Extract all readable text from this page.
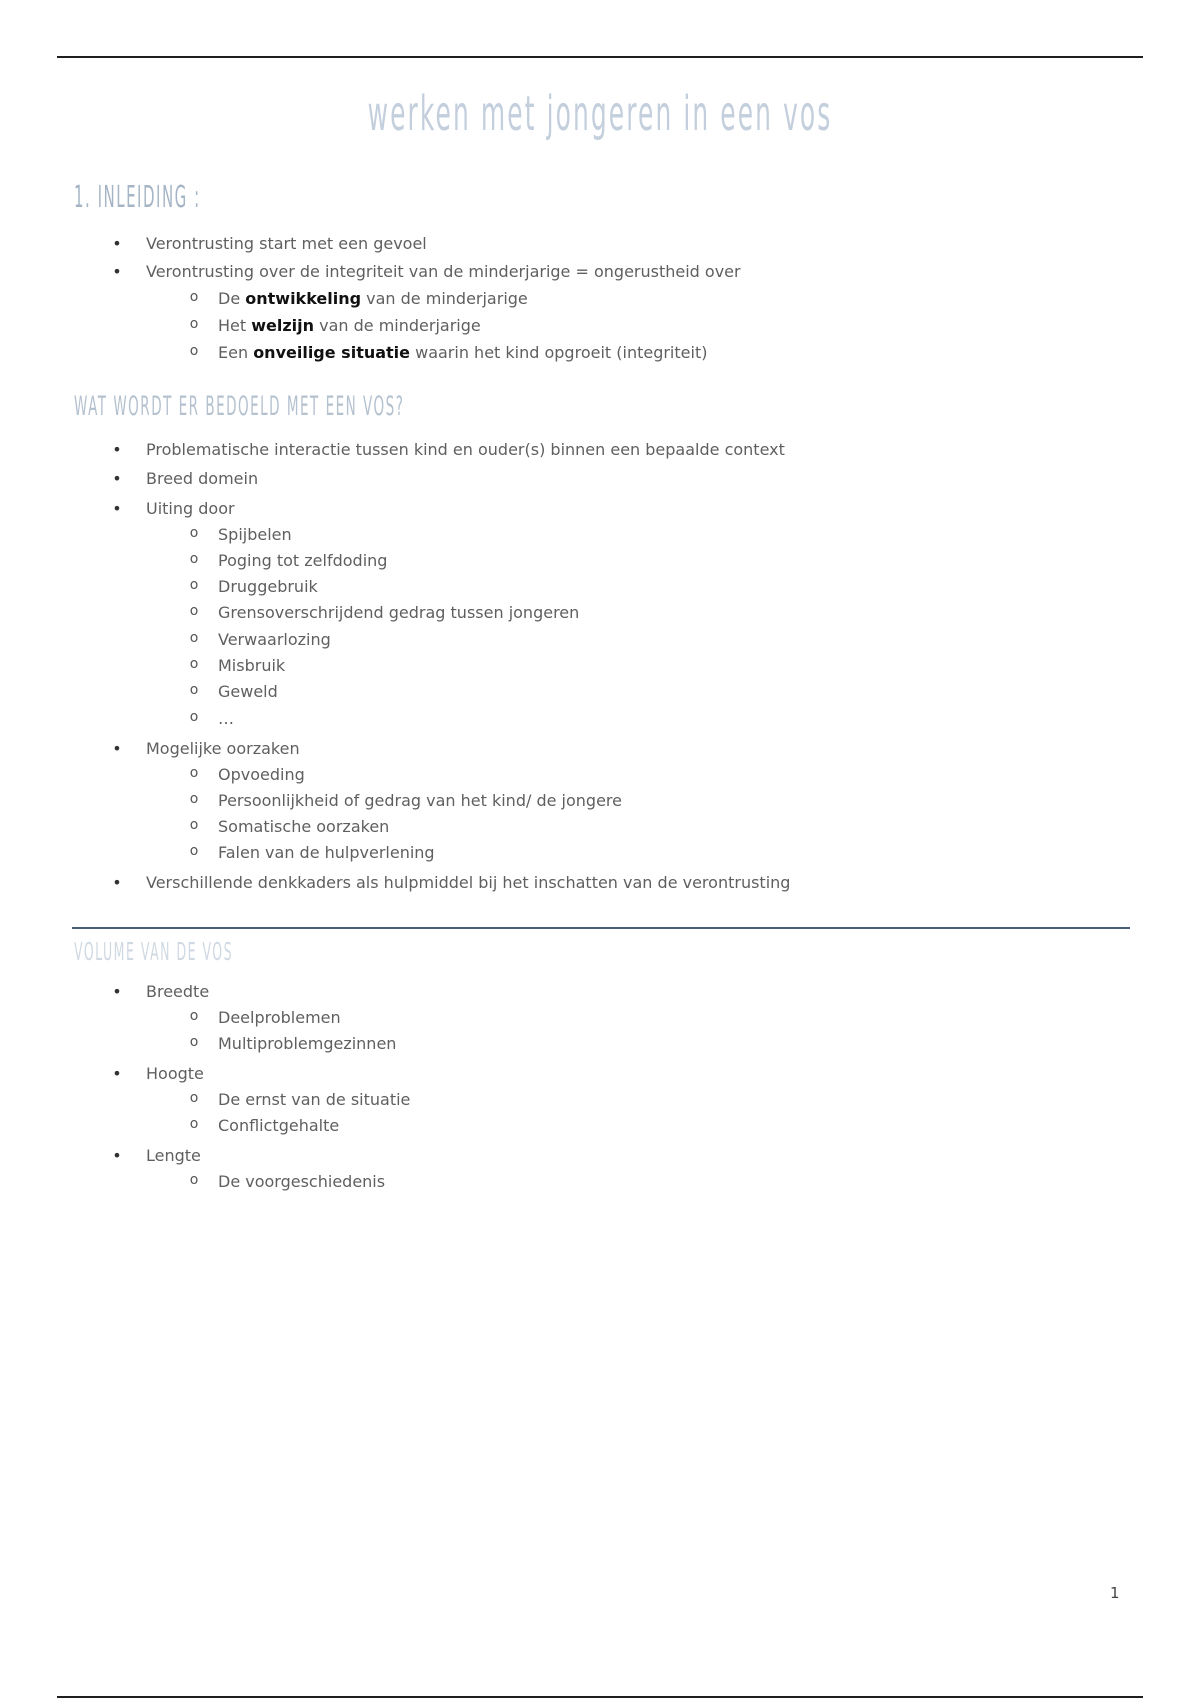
werken met jongeren in een vos
1. INLEIDING :
•	Verontrusting start met een gevoel
•	Verontrusting over de integriteit van de minderjarige = ongerustheid over
o	De ontwikkeling van de minderjarige
o	Het welzijn van de minderjarige
o	Een onveilige situatie waarin het kind opgroeit (integriteit)
WAT WORDT ER BEDOELD MET EEN VOS?
•	Problematische interactie tussen kind en ouder(s) binnen een bepaalde context
•	Breed domein
•	Uiting door
o	Spijbelen
o	Poging tot zelfdoding
o	Druggebruik
o	Grensoverschrijdend gedrag tussen jongeren
o	Verwaarlozing
o	Misbruik
o	Geweld
o	…
•	Mogelijke oorzaken
o	Opvoeding
o	Persoonlijkheid of gedrag van het kind/ de jongere
o	Somatische oorzaken
o	Falen van de hulpverlening
•	Verschillende denkkaders als hulpmiddel bij het inschatten van de verontrusting
VOLUME VAN DE VOS
•	Breedte
o	Deelproblemen
o	Multiproblemgezinnen
•	Hoogte
o	De ernst van de situatie
o	Conflictgehalte
•	Lengte
o	De voorgeschiedenis
1
